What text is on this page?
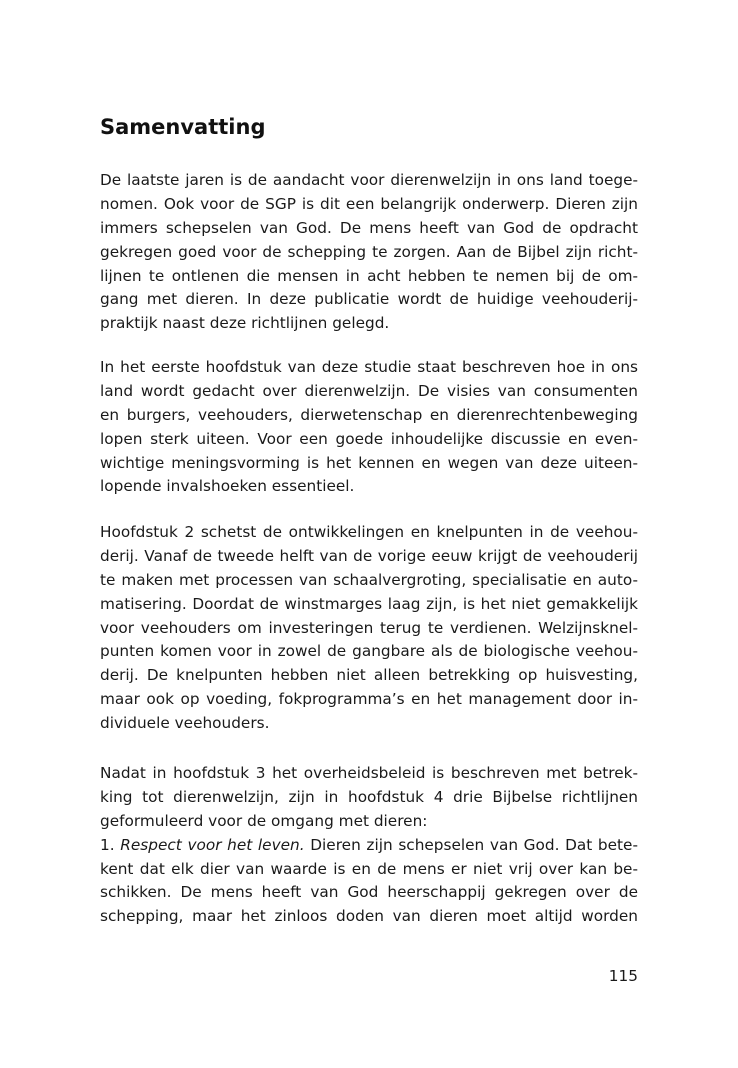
Samenvatting
De laatste jaren is de aandacht voor dierenwelzijn in ons land toege-
nomen. Ook voor de SGP is dit een belangrijk onderwerp. Dieren zijn
immers schepselen van God. De mens heeft van God de opdracht
gekregen goed voor de schepping te zorgen. Aan de Bijbel zijn richt-
lijnen te ontlenen die mensen in acht hebben te nemen bij de om-
gang met dieren. In deze publicatie wordt de huidige veehouderij-
praktijk naast deze richtlijnen gelegd.
In het eerste hoofdstuk van deze studie staat beschreven hoe in ons
land wordt gedacht over dierenwelzijn. De visies van consumenten
en burgers, veehouders, dierwetenschap en dierenrechtenbeweging
lopen sterk uiteen. Voor een goede inhoudelijke discussie en even-
wichtige meningsvorming is het kennen en wegen van deze uiteen-
lopende invalshoeken essentieel.
Hoofdstuk 2 schetst de ontwikkelingen en knelpunten in de veehou-
derij. Vanaf de tweede helft van de vorige eeuw krijgt de veehouderij
te maken met processen van schaalvergroting, specialisatie en auto-
matisering. Doordat de winstmarges laag zijn, is het niet gemakkelijk
voor veehouders om investeringen terug te verdienen. Welzijnsknel-
punten komen voor in zowel de gangbare als de biologische veehou-
derij. De knelpunten hebben niet alleen betrekking op huisvesting,
maar ook op voeding, fokprogramma’s en het management door in-
dividuele veehouders.
Nadat in hoofdstuk 3 het overheidsbeleid is beschreven met betrek-
king tot dierenwelzijn, zijn in hoofdstuk 4 drie Bijbelse richtlijnen
geformuleerd voor de omgang met dieren:
1. Respect voor het leven. Dieren zijn schepselen van God. Dat bete-
kent dat elk dier van waarde is en de mens er niet vrij over kan be-
schikken. De mens heeft van God heerschappij gekregen over de
schepping, maar het zinloos doden van dieren moet altijd worden
115
